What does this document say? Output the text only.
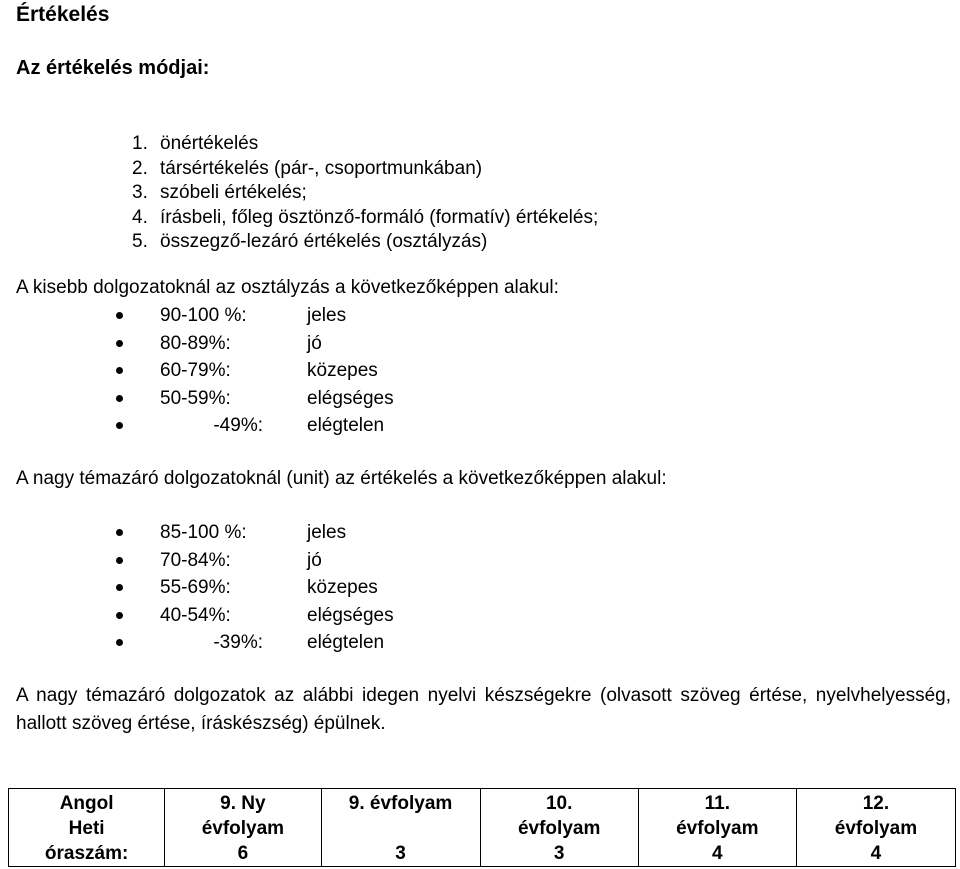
Értékelés
Az értékelés módjai:
1. önértékelés
2. társértékelés (pár-, csoportmunkában)
3. szóbeli értékelés;
4. írásbeli, főleg ösztönző-formáló (formatív) értékelés;
5. összegző-lezáró értékelés (osztályzás)
A kisebb dolgozatoknál az osztályzás a következőképpen alakul:
90-100 %:	jeles
80-89%:	jó
60-79%:	közepes
50-59%:	elégséges
-49%: elégtelen
A nagy témazáró dolgozatoknál (unit) az értékelés a következőképpen alakul:
85-100 %:	jeles
70-84%:	jó
55-69%:	közepes
40-54%:	elégséges
-39%: elégtelen
A nagy témazáró dolgozatok az alábbi idegen nyelvi készségekre (olvasott szöveg értése, nyelvhelyesség, hallott szöveg értése, íráskészség) épülnek.
Angol
Heti
óraszám:

9. Ny
évfolyam
6

9. évfolyam
3

10.
évfolyam
3

11.
évfolyam
4

12.
évfolyam
4
